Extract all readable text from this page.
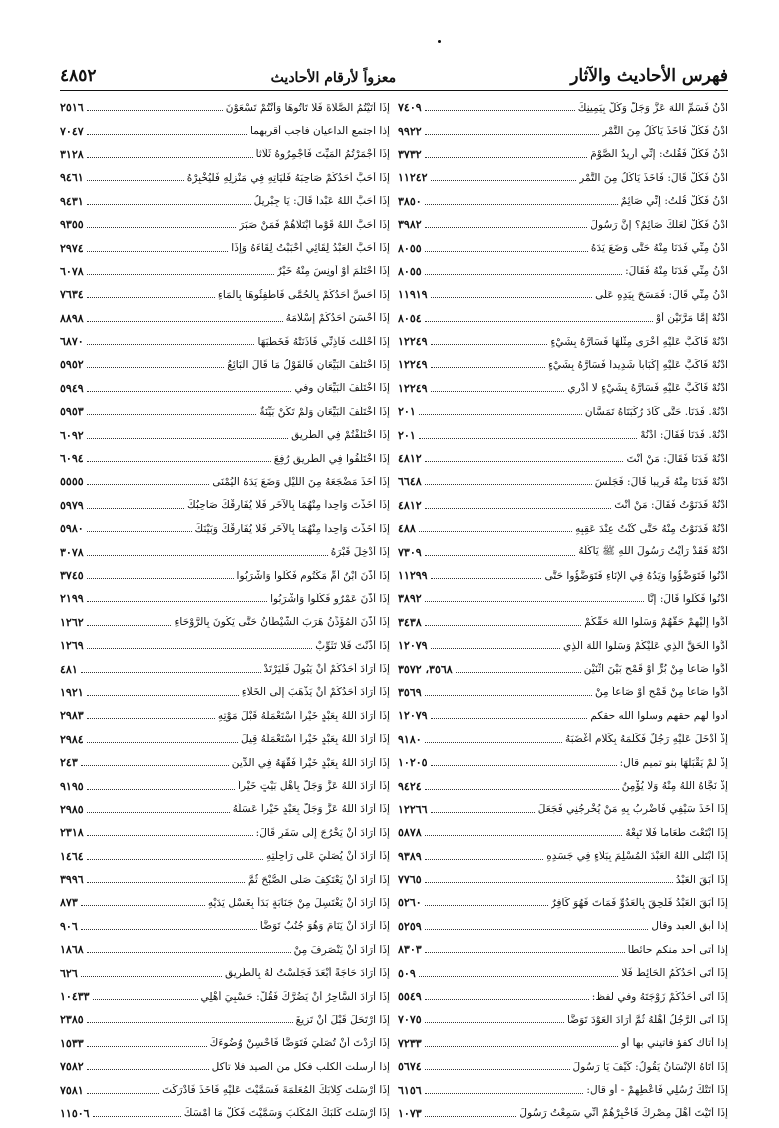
فهرس الأحاديث والآثار
معزواً لأرقام الأحاديث
٤٨٥٢
ادْنُ فَسَمِّ اللهَ عَزَّ وَجَلَّ وَكُلْ بِيَمِينِكَ
٧٤٠٩
ادْنُ فَكُلْ فَأَخَذَ يَأْكُلُ مِنَ التَّمْرِ
٩٩٢٢
ادْنُ فَكُلْ فَقُلْتُ: إِنِّي أُرِيدُ الصَّوْمَ
٣٧٣٢
ادْنُ فَكُلْ قَالَ: فَأَخَذَ يَأْكُلُ مِنَ التَّمْرِ
١١٢٤٢
ادْنُ فَكُلْ قُلْتُ: إِنِّي صَائِمٌ
٣٨٥٠
ادْنُ فَكُلْ لَعَلَّكَ صَائِمٌ؟ إِنَّ رَسُولَ
٣٩٨٢
ادْنُ مِنِّي فَدَنَا مِنْهُ حَتَّى وَضَعَ يَدَهُ
٨٠٥٥
ادْنُ مِنِّي فَدَنَا مِنْهُ فَقَالَ:
٨٠٥٥
ادْنُ مِنِّي قَالَ: فَمَسَحَ بِيَدِهِ عَلَى
١١٩١٩
ادْنُهْ إِمَّا مَرَّتَيْنِ أَوْ
٨٠٥٤
ادْنُهْ فَأَكَبَّ عَلَيْهِ أُخْرَى مِثْلَهَا فَسَارَّهُ بِشَيْءٍ
١٢٢٤٩
ادْنُهْ فَأَكَبَّ عَلَيْهِ إِكْبَاباً شَدِيداً فَسَارَّهُ بِشَيْءٍ
١٢٢٤٩
ادْنُهْ فَأَكَبَّ عَلَيْهِ فَسَارَّهُ بِشَيْءٍ لا أَدْرِي
١٢٢٤٩
ادْنُهْ. فَدَنَا. حَتَّى كَادَ رُكْبَتَاهُ تَمَسَّانِ
٢٠١
ادْنُهْ. فَدَنَا فَقَالَ: ادْنُهْ
٢٠١
ادْنُهْ فَدَنَا فَقَالَ: مَنْ أَنْتَ
٤٨١٢
ادْنُهْ فَدَنَا مِنْهُ قَرِيباً قَالَ: فَجَلَسَ
٦٦٤٨
ادْنُهْ فَدَنَوْتُ فَقَالَ: مَنْ أَنْتَ
٤٨١٢
ادْنُهْ فَدَنَوْتُ مِنْهُ حَتَّى كُنْتُ عِنْدَ عَقِبِهِ
٤٨٨
ادْنُهْ فَقَدْ رَأَيْتُ رَسُولَ اللهِ ﷺ يَأْكُلُهُ
٧٣٠٩
ادْنُوا فَتَوَضَّؤُوا وَيَدُهُ فِي الإِنَاءِ فَتَوَضَّؤُوا حَتَّى
١١٢٩٩
ادْنُوا فَكُلُوا قَالَ: إِنَّا
٣٨٩٢
أَدُّوا إِلَيْهِمْ حَقَّهُمْ وَسَلُوا اللهَ حَقَّكُمْ
٣٤٣٨
أَدُّوا الْحَقَّ الَّذِي عَلَيْكُمْ وَسَلُوا اللهَ الَّذِي
١٢٠٧٩
أَدُّوا صَاعاً مِنْ بُرٍّ أَوْ قَمْحٍ بَيْنَ اثْنَيْنِ
٣٥٦٨، ٣٥٧٢
أَدُّوا صَاعاً مِنْ قَمْحٍ أَوْ صَاعاً مِنْ
٣٥٦٩
أدوا لهم حقهم وسلوا الله حقكم
١٢٠٧٩
إِذْ أَدْخَلَ عَلَيْهِ رَجُلٌ فَكَلَّمَهُ بِكَلَامٍ أَغْضَبَهُ
٩١٨٠
إِذْ لَمْ يَقْبَلْهَا بنو تميم قال:
١٠٢٠٥
إِذْ نَجَّاهُ اللهُ مِنْهُ وَلَا يُؤْمِنُ
٩٤٢٤
إِذَا أَخَذَ سَيْفِي فَأَضْرِبُ بِهِ مَنْ يُخْرِجُنِي فَجَعَلَ
١٢٢٦٦
إِذَا ابْتَعْتَ طَعَاماً فَلَا تَبِعْهُ
٥٨٧٨
إِذَا ابْتَلَى اللهُ الْعَبْدَ الْمُسْلِمَ بِبَلَاءٍ فِي جَسَدِهِ
٩٣٨٩
إِذَا أَبَقَ الْعَبْدُ
٧٧٦٥
إِذَا أَبَقَ الْعَبْدُ فَلَحِقَ بِالْعَدُوِّ فَمَاتَ فَهُوَ كَافِرٌ
٥٢٦٠
إذا أبق العبد وقال
٥٢٥٩
إذا أتى أحد منكم حائطاً
٨٣٠٣
إِذَا أَتَى أَحَدُكُمُ الْحَائِطَ فَلَا
٥٠٩
إِذَا أَتَى أَحَدُكُمْ زَوْجَتَهُ وفي لفظ:
٥٥٤٩
إِذَا أَتَى الرَّجُلُ أَهْلَهُ ثُمَّ أَرَادَ الْعَوْدَ تَوَضَّأَ
٧٠٧٥
إذا أتاك كفؤ فأتيني بها أو
٧٢٣٣
إِذَا أَتَاهُ الْإِنْسَانُ يَقُولُ: كَيْفَ يَا رَسُولَ
٥٦٧٤
إِذَا أَتَتْكَ رُسُلِي فَأَعْطِهِمْ - أو قال:
٦١٥٦
إِذَا أَتَيْتَ أَهْلَ مِصْرِكَ فَأَخْبِرْهُمْ أَنِّي سَمِعْتُ رَسُولَ
١٠٧٣
إِذَا أَتَيْتُمُ الصَّلَاةَ فَلَا تَأْتُوهَا وَأَنْتُمْ تَسْعَوْنَ
٢٥١٦
إذا اجتمع الداعيان فأجب أقربهما
٧٠٤٧
إِذَا أَجْمَرْتُمُ الْمَيِّتَ فَأَجْمِرُوهُ ثَلَاثاً
٣١٢٨
إِذَا أَحَبَّ أَحَدُكُمْ صَاحِبَهُ فَلْيَأْتِهِ فِي مَنْزِلِهِ فَلْيُخْبِرْهُ
٩٤٦١
إِذَا أَحَبَّ اللهُ عَبْداً قَالَ: يَا جِبْرِيلُ
٩٤٣١
إِذَا أَحَبَّ اللهُ قَوْماً ابْتَلَاهُمْ فَمَنْ صَبَرَ
٩٣٥٥
إِذَا أَحَبَّ الْعَبْدُ لِقَائِي أَحْبَبْتُ لِقَاءَهُ وَإِذَا
٢٩٧٤
إِذَا احْتَلَمَ أَوْ أُونِسَ مِنْهُ خَيْرٌ
٦٠٧٨
إِذَا أَحَسَّ أَحَدُكُمْ بِالْحُمَّى فَأَطْفِئُوهَا بِالْمَاءِ
٧٦٣٤
إِذَا أَحْسَنَ أَحَدُكُمْ إِسْلَامَهُ
٨٨٩٨
إِذَا أَحْلَلْتَ فَآذِنِّي فَآذَنَتْهُ فَخَطَبَهَا
٦٨٧٠
إِذَا اخْتَلَفَ الْبَيِّعَانِ فَالْقَوْلُ مَا قَالَ الْبَائِعُ
٥٩٥٢
إِذَا اخْتَلَفَ الْبَيِّعَانِ وفي
٥٩٤٩
إِذَا اخْتَلَفَ الْبَيِّعَانِ وَلَمْ تَكُنْ بَيِّنَةٌ
٥٩٥٣
إِذَا اخْتَلَفْتُمْ فِي الطَّرِيقِ
٦٠٩٢
إِذَا اخْتَلَفُوا فِي الطَّرِيقِ رُفِعَ
٦٠٩٤
إِذَا أَخَذَ مَضْجَعَهُ مِنَ اللَّيْلِ وَضَعَ يَدَهُ الْيُمْنَى
٥٥٥٥
إِذَا أَخَذْتَ وَاحِداً مِنْهُمَا بِالْآخَرِ فَلَا يُفَارِقْكَ صَاحِبُكَ
٥٩٧٩
إِذَا أَخَذْتَ وَاحِداً مِنْهُمَا بِالْآخَرِ فَلَا يُفَارِقْكَ وَبَيْنَكَ
٥٩٨٠
إِذَا أُدْخِلَ قَبْرَهُ
٣٠٧٨
إِذَا أَذَّنَ ابْنُ أُمِّ مَكْتُومٍ فَكُلُوا وَاشْرَبُوا
٣٧٤٥
إِذَا أَذَّنَ عَمْرٌو فَكُلُوا وَاشْرَبُوا
٢١٩٩
إِذَا أَذَّنَ الْمُؤَذِّنُ هَرَبَ الشَّيْطَانُ حَتَّى يَكُونَ بِالرَّوْحَاءِ
١٢٦٢
إِذَا أَذَّنْتَ فَلَا تَثَوِّبْ
١٢٦٩
إِذَا أَرَادَ أَحَدُكُمْ أَنْ يَبُولَ فَلْيَرْتَدْ
٤٨١
إِذَا أَرَادَ أَحَدُكُمْ أَنْ يَذْهَبَ إِلَى الْخَلَاءِ
١٩٢١
إِذَا أَرَادَ اللهُ بِعَبْدٍ خَيْراً اسْتَعْمَلَهُ قَبْلَ مَوْتِهِ
٢٩٨٣
إِذَا أَرَادَ اللهُ بِعَبْدٍ خَيْراً اسْتَعْمَلَهُ قِيلَ
٢٩٨٤
إِذَا أَرَادَ اللهُ بِعَبْدٍ خَيْراً فَقَّهَهُ فِي الدِّينِ
٢٤٣
إِذَا أَرَادَ اللهُ عَزَّ وَجَلَّ بِأَهْلِ بَيْتٍ خَيْراً
٩١٩٥
إِذَا أَرَادَ اللهُ عَزَّ وَجَلَّ بِعَبْدٍ خَيْراً عَسَلَهُ
٢٩٨٥
إِذَا أَرَادَ أَنْ يَخْرُجَ إِلَى سَفَرٍ قَالَ:
٢٣١٨
إِذَا أَرَادَ أَنْ يُصَلِّيَ عَلَى رَاحِلَتِهِ
١٤٦٤
إِذَا أَرَادَ أَنْ يَعْتَكِفَ صَلَّى الصُّبْحَ ثُمَّ
٣٩٩٦
إِذَا أَرَادَ أَنْ يَغْتَسِلَ مِنْ جَنَابَةٍ بَدَأَ بِغَسْلِ يَدَيْهِ
٨٧٣
إِذَا أَرَادَ أَنْ يَنَامَ وَهُوَ جُنُبٌ تَوَضَّأَ
٩٠٦
إِذَا أَرَادَ أَنْ يَنْصَرِفَ مِنْ
١٨٦٨
إِذَا أَرَادَ حَاجَةً أَبْعَدَ فَجَلَسْتُ لَهُ بِالطَّرِيقِ
٦٢٦
إِذَا أَرَادَ السَّاحِرُ أَنْ يَضُرَّكَ فَقُلْ: حَسْبِيَ أَهْلِي
١٠٤٣٣
إِذَا ارْتَحَلَ قَبْلَ أَنْ تَزِيغَ
٢٣٨٥
إِذَا أَرَدْتَ أَنْ تُصَلِّيَ فَتَوَضَّأْ فَأَحْسِنْ وُضُوءَكَ
١٥٣٣
إذا أرسلت الكلب فكل من الصيد فلا تأكل
٧٥٨٢
إِذَا أَرْسَلْتَ كِلَابَكَ الْمُعَلَّمَةَ فَسَمَّيْتَ عَلَيْهِ فَأَخَذَ فَأَدْرَكْتَ
٧٥٨١
إِذَا أَرْسَلْتَ كَلْبَكَ الْمُكَلَّبَ وَسَمَّيْتَ فَكُلْ مَا أَمْسَكَ
١١٥٠٦
